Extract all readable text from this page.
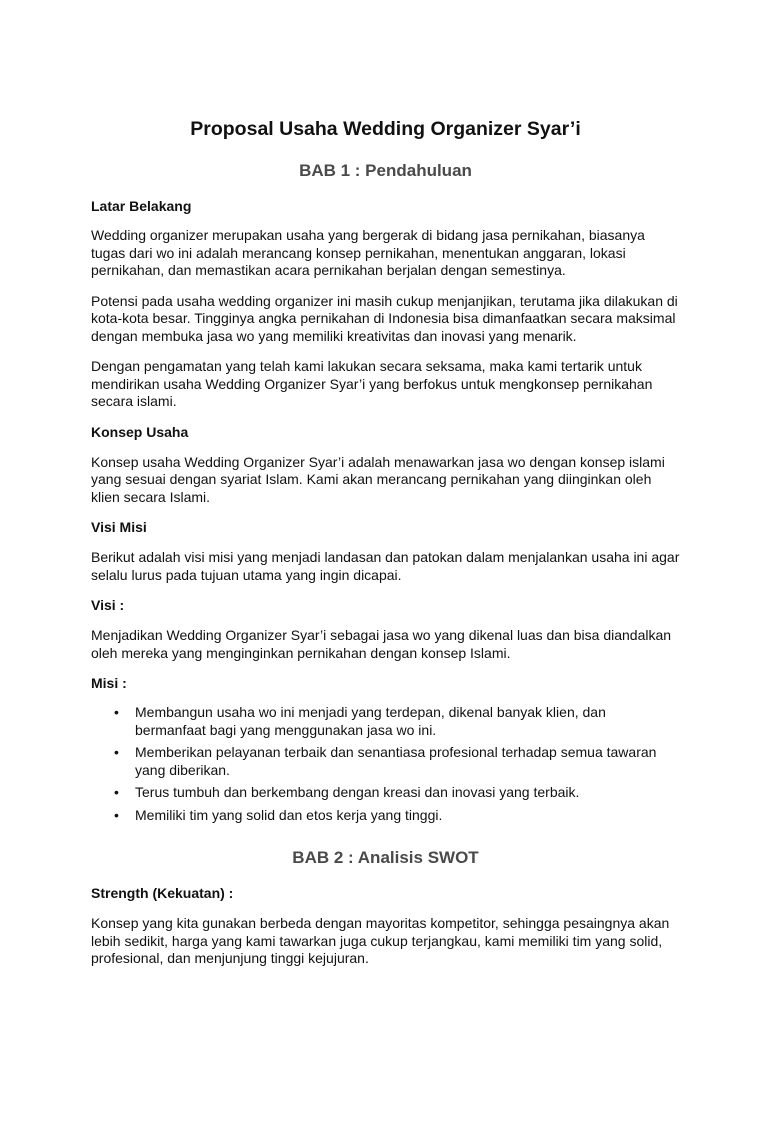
Proposal Usaha Wedding Organizer Syar’i
BAB 1 : Pendahuluan
Latar Belakang

Wedding organizer merupakan usaha yang bergerak di bidang jasa pernikahan, biasanya tugas dari wo ini adalah merancang konsep pernikahan, menentukan anggaran, lokasi pernikahan, dan memastikan acara pernikahan berjalan dengan semestinya.

Potensi pada usaha wedding organizer ini masih cukup menjanjikan, terutama jika dilakukan di kota-kota besar. Tingginya angka pernikahan di Indonesia bisa dimanfaatkan secara maksimal dengan membuka jasa wo yang memiliki kreativitas dan inovasi yang menarik.

Dengan pengamatan yang telah kami lakukan secara seksama, maka kami tertarik untuk mendirikan usaha Wedding Organizer Syar’i yang berfokus untuk mengkonsep pernikahan secara islami.

Konsep Usaha

Konsep usaha Wedding Organizer Syar’i adalah menawarkan jasa wo dengan konsep islami yang sesuai dengan syariat Islam. Kami akan merancang pernikahan yang diinginkan oleh klien secara Islami.

Visi Misi

Berikut adalah visi misi yang menjadi landasan dan patokan dalam menjalankan usaha ini agar selalu lurus pada tujuan utama yang ingin dicapai.

Visi :

Menjadikan Wedding Organizer Syar’i sebagai jasa wo yang dikenal luas dan bisa diandalkan oleh mereka yang menginginkan pernikahan dengan konsep Islami.

Misi :
• Membangun usaha wo ini menjadi yang terdepan, dikenal banyak klien, dan bermanfaat bagi yang menggunakan jasa wo ini.
• Memberikan pelayanan terbaik dan senantiasa profesional terhadap semua tawaran yang diberikan.
• Terus tumbuh dan berkembang dengan kreasi dan inovasi yang terbaik.
• Memiliki tim yang solid dan etos kerja yang tinggi.
BAB 2 : Analisis SWOT
Strength (Kekuatan) :

Konsep yang kita gunakan berbeda dengan mayoritas kompetitor, sehingga pesaingnya akan lebih sedikit, harga yang kami tawarkan juga cukup terjangkau, kami memiliki tim yang solid, profesional, dan menjunjung tinggi kejujuran.
